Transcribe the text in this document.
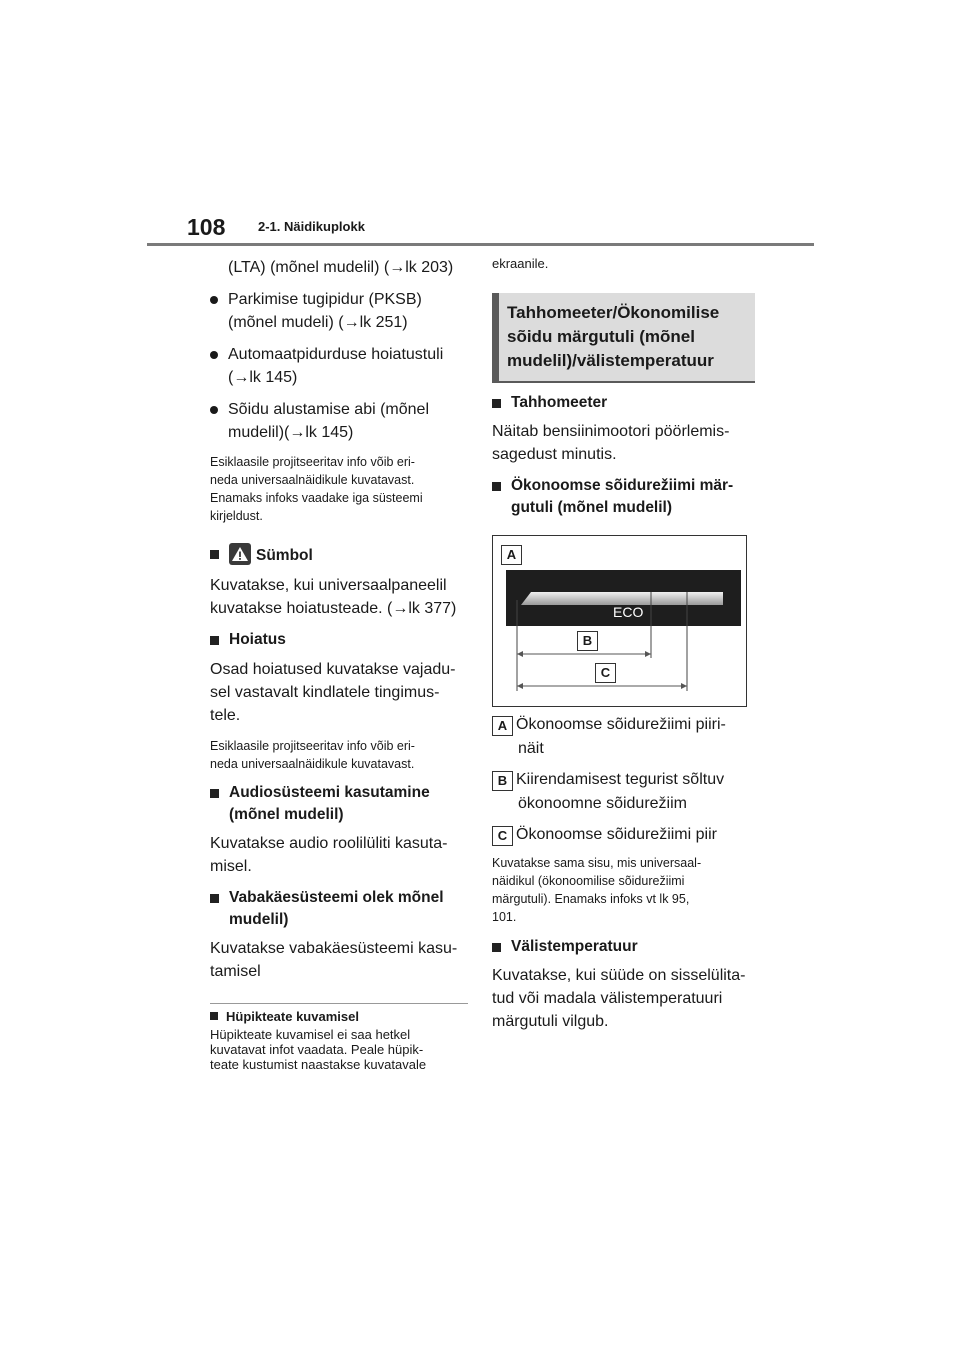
108	2-1. Näidikuplokk
(LTA) (mõnel mudelil) (→lk 203)
Parkimise tugipidur (PKSB)
(mõnel mudeli) (→lk 251)
Automaatpidurduse hoiatustuli
(→lk 145)
Sõidu alustamise abi (mõnel
mudelil)(→lk 145)

Esiklaasile projitseeritav info võib eri-

neda universaalnäidikule kuvatavast.

Enamaks infoks vaadake iga süsteemi

kirjeldust.

Sümbol

Kuvatakse, kui universaalpaneelil

kuvatakse hoiatusteade. (→lk 377)

Hoiatus

Osad hoiatused kuvatakse vajadu-

sel vastavalt kindlatele tingimus-

tele.

Esiklaasile projitseeritav info võib eri-

neda universaalnäidikule kuvatavast.

Audiosüsteemi kasutamine
(mõnel mudelil)

Kuvatakse audio roolilüliti kasuta-

misel.

Vabakäesüsteemi olek mõnel
mudelil)

Kuvatakse vabakäesüsteemi kasu-

tamisel

Hüpikteate kuvamisel

Hüpikteate kuvamisel ei saa hetkel

kuvatavat infot vaadata. Peale hüpik-

teate kustumist naastakse kuvatavale

ekraanile.

Tahhomeeter/Ökonomilise
sõidu märgutuli (mõnel
mudelil)/välistemperatuur
Tahhomeeter

Näitab bensiinimootori pöörlemis-

sagedust minutis.

Ökonoomse sõidurežiimi mär-
gutuli (mõnel mudelil)
A
ECO
B
C
A Ökonoomse sõidurežiimi piiri-
näit
B Kiirendamisest tegurist sõltuv
ökonoomne sõidurežiim
C Ökonoomse sõidurežiimi piir

Kuvatakse sama sisu, mis universaal-

näidikul (ökonoomilise sõidurežiimi

märgutuli). Enamaks infoks vt lk 95,

101.

Välistemperatuur

Kuvatakse, kui süüde on sisselülita-

tud või madala välistemperatuuri

märgutuli vilgub.
